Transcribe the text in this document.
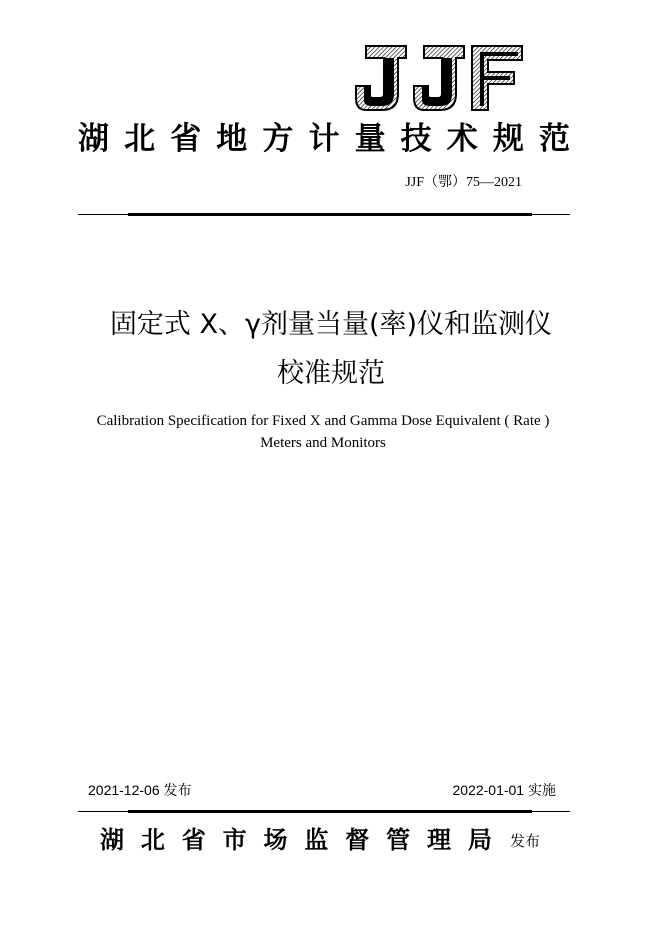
湖 北 省 地 方 计 量 技 术 规 范
JJF（鄂）75—2021
固定式 X、γ剂量当量(率)仪和监测仪
校准规范
Calibration Specification for Fixed X and Gamma Dose Equivalent ( Rate )
Meters and Monitors
2021-12-06 发布	2022-01-01 实施
湖 北 省 市 场 监 督 管 理 局 发布
